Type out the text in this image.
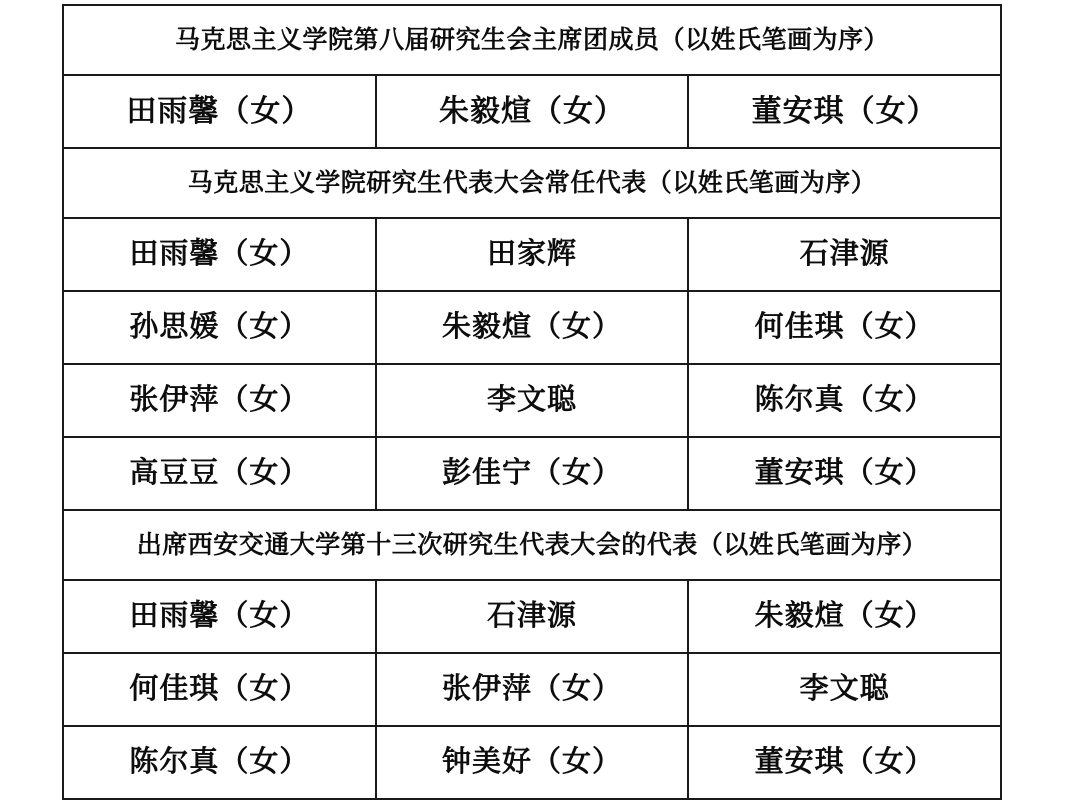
马克思主义学院第八届研究生会主席团成员（以姓氏笔画为序）		

田雨馨（女）	朱毅煊（女）	董安琪（女）

马克思主义学院研究生代表大会常任代表（以姓氏笔画为序）		

田雨馨（女）	田家辉	石津源

孙思媛（女）	朱毅煊（女）	何佳琪（女）

张伊萍（女）	李文聪	陈尔真（女）

高豆豆（女）	彭佳宁（女）	董安琪（女）

出席西安交通大学第十三次研究生代表大会的代表（以姓氏笔画为序）		

田雨馨（女）	石津源	朱毅煊（女）

何佳琪（女）	张伊萍（女）	李文聪

陈尔真（女）	钟美好（女）	董安琪（女）
